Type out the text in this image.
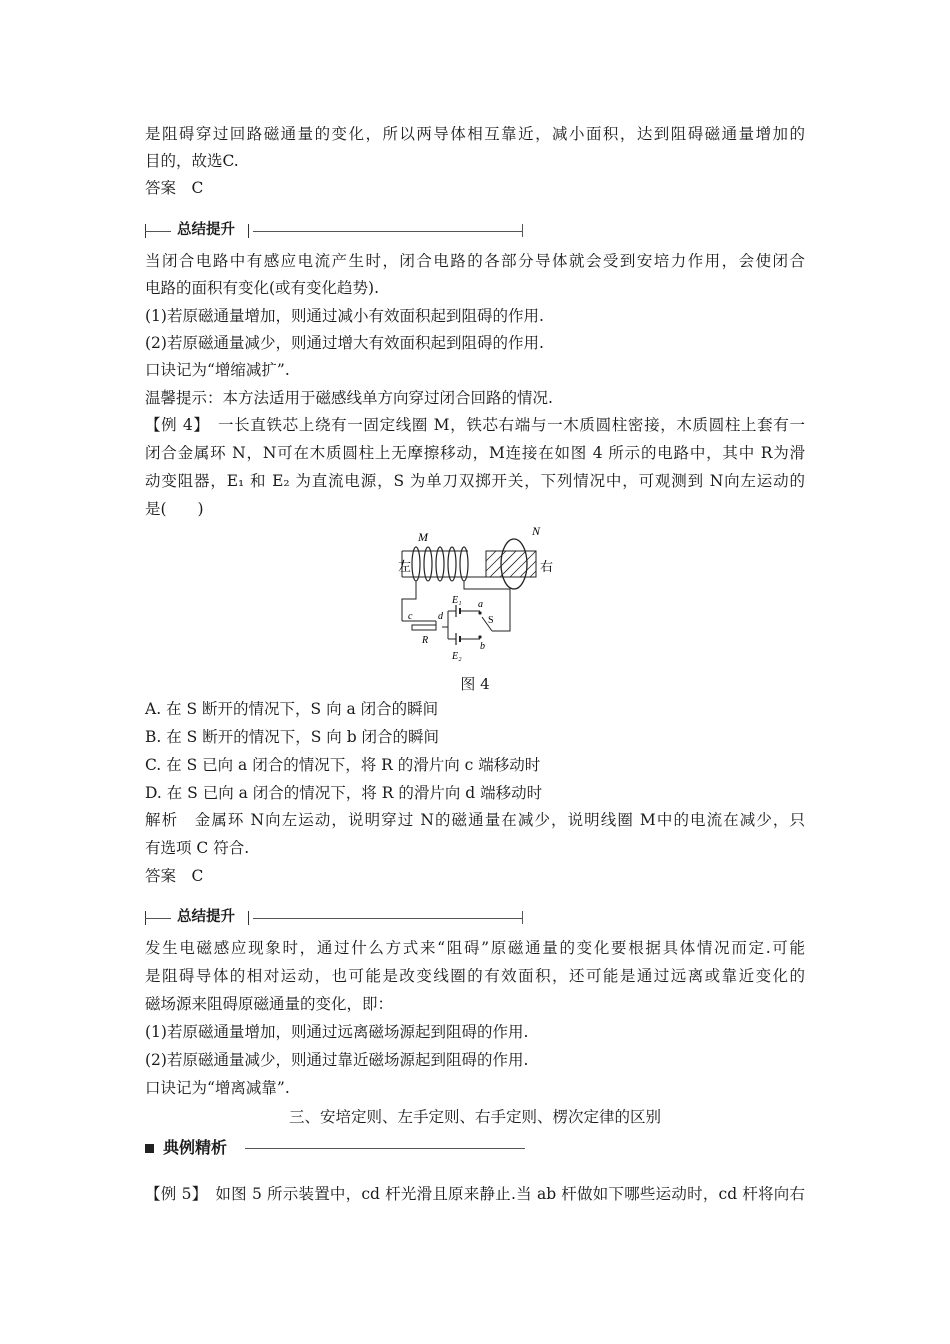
是阻碍穿过回路磁通量的变化，所以两导体相互靠近，减小面积，达到阻碍磁通量增加的
目的，故选C.
答案　C
总结提升
当闭合电路中有感应电流产生时，闭合电路的各部分导体就会受到安培力作用，会使闭合
电路的面积有变化(或有变化趋势).
(1)若原磁通量增加，则通过减小有效面积起到阻碍的作用.
(2)若原磁通量减少，则通过增大有效面积起到阻碍的作用.
口诀记为“增缩减扩”.
温馨提示：本方法适用于磁感线单方向穿过闭合回路的情况.
【例 4】　一长直铁芯上绕有一固定线圈 M，铁芯右端与一木质圆柱密接，木质圆柱上套有一
闭合金属环 N，N可在木质圆柱上无摩擦移动，M连接在如图 4 所示的电路中，其中 R为滑
动变阻器，E₁ 和 E₂ 为直流电源，S 为单刀双掷开关，下列情况中，可观测到 N向左运动的
是(　　)
M	N
左	右
E₁
E₂
a
b
c	d
R
S
图 4
A. 在 S 断开的情况下，S 向 a 闭合的瞬间
B. 在 S 断开的情况下，S 向 b 闭合的瞬间
C. 在 S 已向 a 闭合的情况下，将 R 的滑片向 c 端移动时
D. 在 S 已向 a 闭合的情况下，将 R 的滑片向 d 端移动时
解析　金属环 N向左运动，说明穿过 N的磁通量在减少，说明线圈 M中的电流在减少，只
有选项 C 符合.
答案　C
总结提升
发生电磁感应现象时，通过什么方式来“阻碍”原磁通量的变化要根据具体情况而定.可能
是阻碍导体的相对运动，也可能是改变线圈的有效面积，还可能是通过远离或靠近变化的
磁场源来阻碍原磁通量的变化，即：
(1)若原磁通量增加，则通过远离磁场源起到阻碍的作用.
(2)若原磁通量减少，则通过靠近磁场源起到阻碍的作用.
口诀记为“增离减靠”.
三、安培定则、左手定则、右手定则、楞次定律的区别
典例精析
【例 5】　如图 5 所示装置中，cd 杆光滑且原来静止.当 ab 杆做如下哪些运动时，cd 杆将向右
